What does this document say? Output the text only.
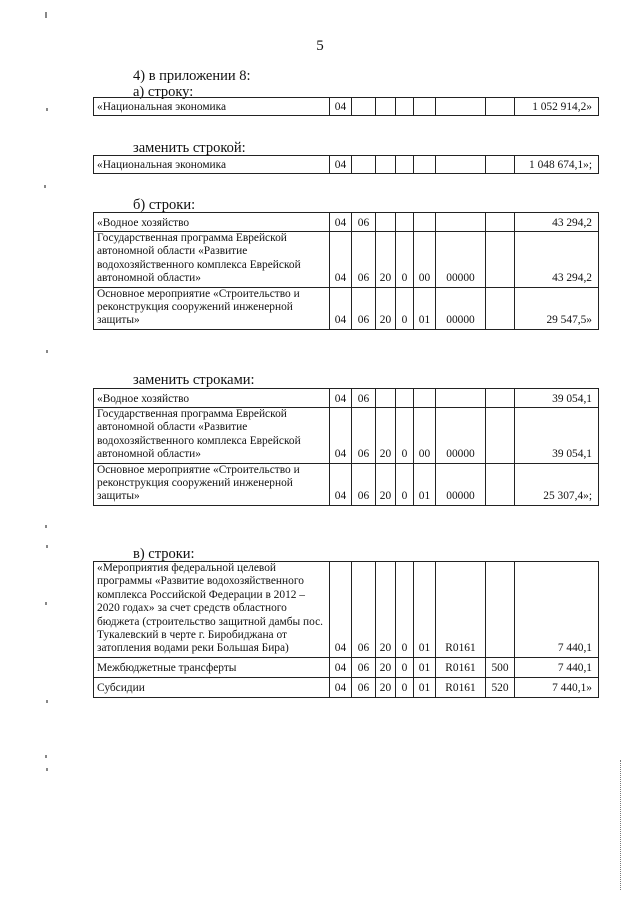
5
4) в приложении 8:
а) строку:
«Национальная экономика	04							1 052 914,2»
заменить строкой:
«Национальная экономика	04							1 048 674,1»;
б) строки:
«Водное хозяйство	04	06						43 294,2
Государственная программа Еврейской автономной области «Развитие водохозяйственного комплекса Еврейской автономной области»	04	06	20	0	00	00000		43 294,2
Основное мероприятие «Строительство и реконструкция сооружений инженерной защиты»	04	06	20	0	01	00000		29 547,5»
заменить строками:
«Водное хозяйство	04	06						39 054,1
Государственная программа Еврейской автономной области «Развитие водохозяйственного комплекса Еврейской автономной области»	04	06	20	0	00	00000		39 054,1
Основное мероприятие «Строительство и реконструкция сооружений инженерной защиты»	04	06	20	0	01	00000		25 307,4»;
в) строки:
«Мероприятия федеральной целевой программы «Развитие водохозяйственного комплекса Российской Федерации в 2012 – 2020 годах» за счет средств областного бюджета (строительство защитной дамбы пос. Тукалевский в черте г. Биробиджана от затопления водами реки Большая Бира)	04	06	20	0	01	R0161		7 440,1
Межбюджетные трансферты	04	06	20	0	01	R0161	500	7 440,1
Субсидии	04	06	20	0	01	R0161	520	7 440,1»
